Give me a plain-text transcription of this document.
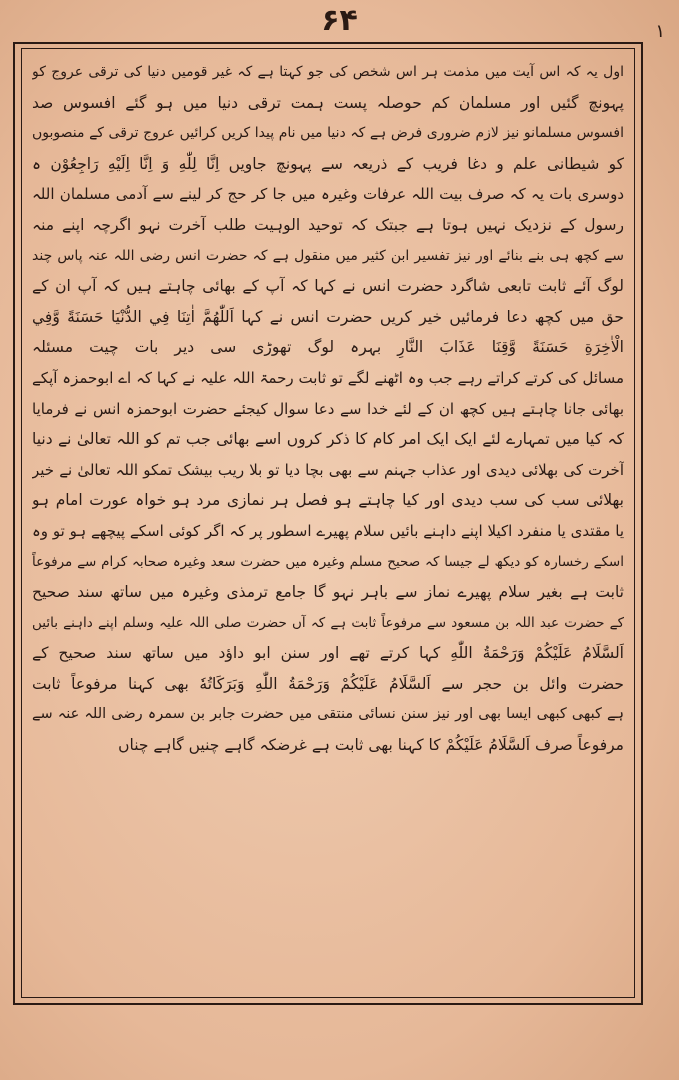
۶۴	۱
اول یہ کہ اس آیت میں مذمت ہر اس شخص کی جو کہتا ہے کہ غیر قومیں دنیا کی ترقی عروج کو
پہونچ گئیں اور مسلمان کم حوصلہ پست ہمت ترقی دنیا میں ہو گئے افسوس صد
افسوس مسلمانو نیز لازم ضروری فرض ہے کہ دنیا میں نام پیدا کریں کرائیں عروج ترقی کے منصوبوں
کو شیطانی علم و دغا فریب کے ذریعہ سے پہونچ جاویں اِنَّا لِلّٰهِ وَ اِنَّا اِلَیْهِ رَاجِعُوْن ہ
دوسری بات یہ کہ صرف بیت اللہ عرفات وغیرہ میں جا کر حج کر لینے سے آدمی مسلمان اللہ
رسول کے نزدیک نہیں ہوتا ہے جبتک کہ توحید الوہیت طلب آخرت نہو اگرچہ اپنے منہ
سے کچھ ہی بنے بنائے اور نیز تفسیر ابن کثیر میں منقول ہے کہ حضرت انس رضی اللہ عنہ پاس چند
لوگ آئے ثابت تابعی شاگرد حضرت انس نے کہا کہ آپ کے بھائی چاہتے ہیں کہ آپ ان کے
حق میں کچھ دعا فرمائیں خیر کریں حضرت انس نے کہا اَللّٰهُمَّ اٰتِنَا فِي الدُّنْيَا حَسَنَةً وَّفِي
الْاٰخِرَةِ حَسَنَةً وَّقِنَا عَذَابَ النَّارِ بہرہ لوگ تھوڑی سی دیر بات چیت مسئلہ
مسائل کی کرتے کراتے رہے جب وہ اٹھنے لگے تو ثابت رحمۃ اللہ علیہ نے کہا کہ اے ابوحمزہ آپکے
بھائی جانا چاہتے ہیں کچھ ان کے لئے خدا سے دعا سوال کیجئے حضرت ابوحمزہ انس نے فرمایا
کہ کیا میں تمہارے لئے ایک ایک امر کام کا ذکر کروں اسے بھائی جب تم کو اللہ تعالیٰ نے دنیا
آخرت کی بھلائی دیدی اور عذاب جہنم سے بھی بچا دیا تو بلا ریب بیشک تمکو اللہ تعالیٰ نے خیر
بھلائی سب کی سب دیدی اور کیا چاہتے ہو فصل ہر نمازی مرد ہو خواہ عورت امام ہو
یا مقتدی یا منفرد اکیلا اپنے داہنے بائیں سلام پھیرے اسطور پر کہ اگر کوئی اسکے پیچھے ہو تو وہ
اسکے رخسارہ کو دیکھ لے جیسا کہ صحیح مسلم وغیرہ میں حضرت سعد وغیرہ صحابہ کرام سے مرفوعاً
ثابت ہے بغیر سلام پھیرے نماز سے باہر نہو گا جامع ترمذی وغیرہ میں ساتھ سند صحیح
کے حضرت عبد اللہ بن مسعود سے مرفوعاً ثابت ہے کہ آں حضرت صلی اللہ علیہ وسلم اپنے داہنے بائیں
اَلسَّلَامُ عَلَيْكُمْ وَرَحْمَةُ اللّٰهِ کہا کرتے تھے اور سنن ابو داؤد میں ساتھ سند صحیح کے
حضرت وائل بن حجر سے اَلسَّلَامُ عَلَيْكُمْ وَرَحْمَةُ اللّٰهِ وَبَرَكَاتُهٗ بھی کہنا مرفوعاً ثابت
ہے کبھی کبھی ایسا بھی اور نیز سنن نسائی منتقی میں حضرت جابر بن سمرہ رضی اللہ عنہ سے
مرفوعاً صرف اَلسَّلَامُ عَلَيْكُمْ کا کہنا بھی ثابت ہے غرضکہ گاہے چنیں گاہے چناں
